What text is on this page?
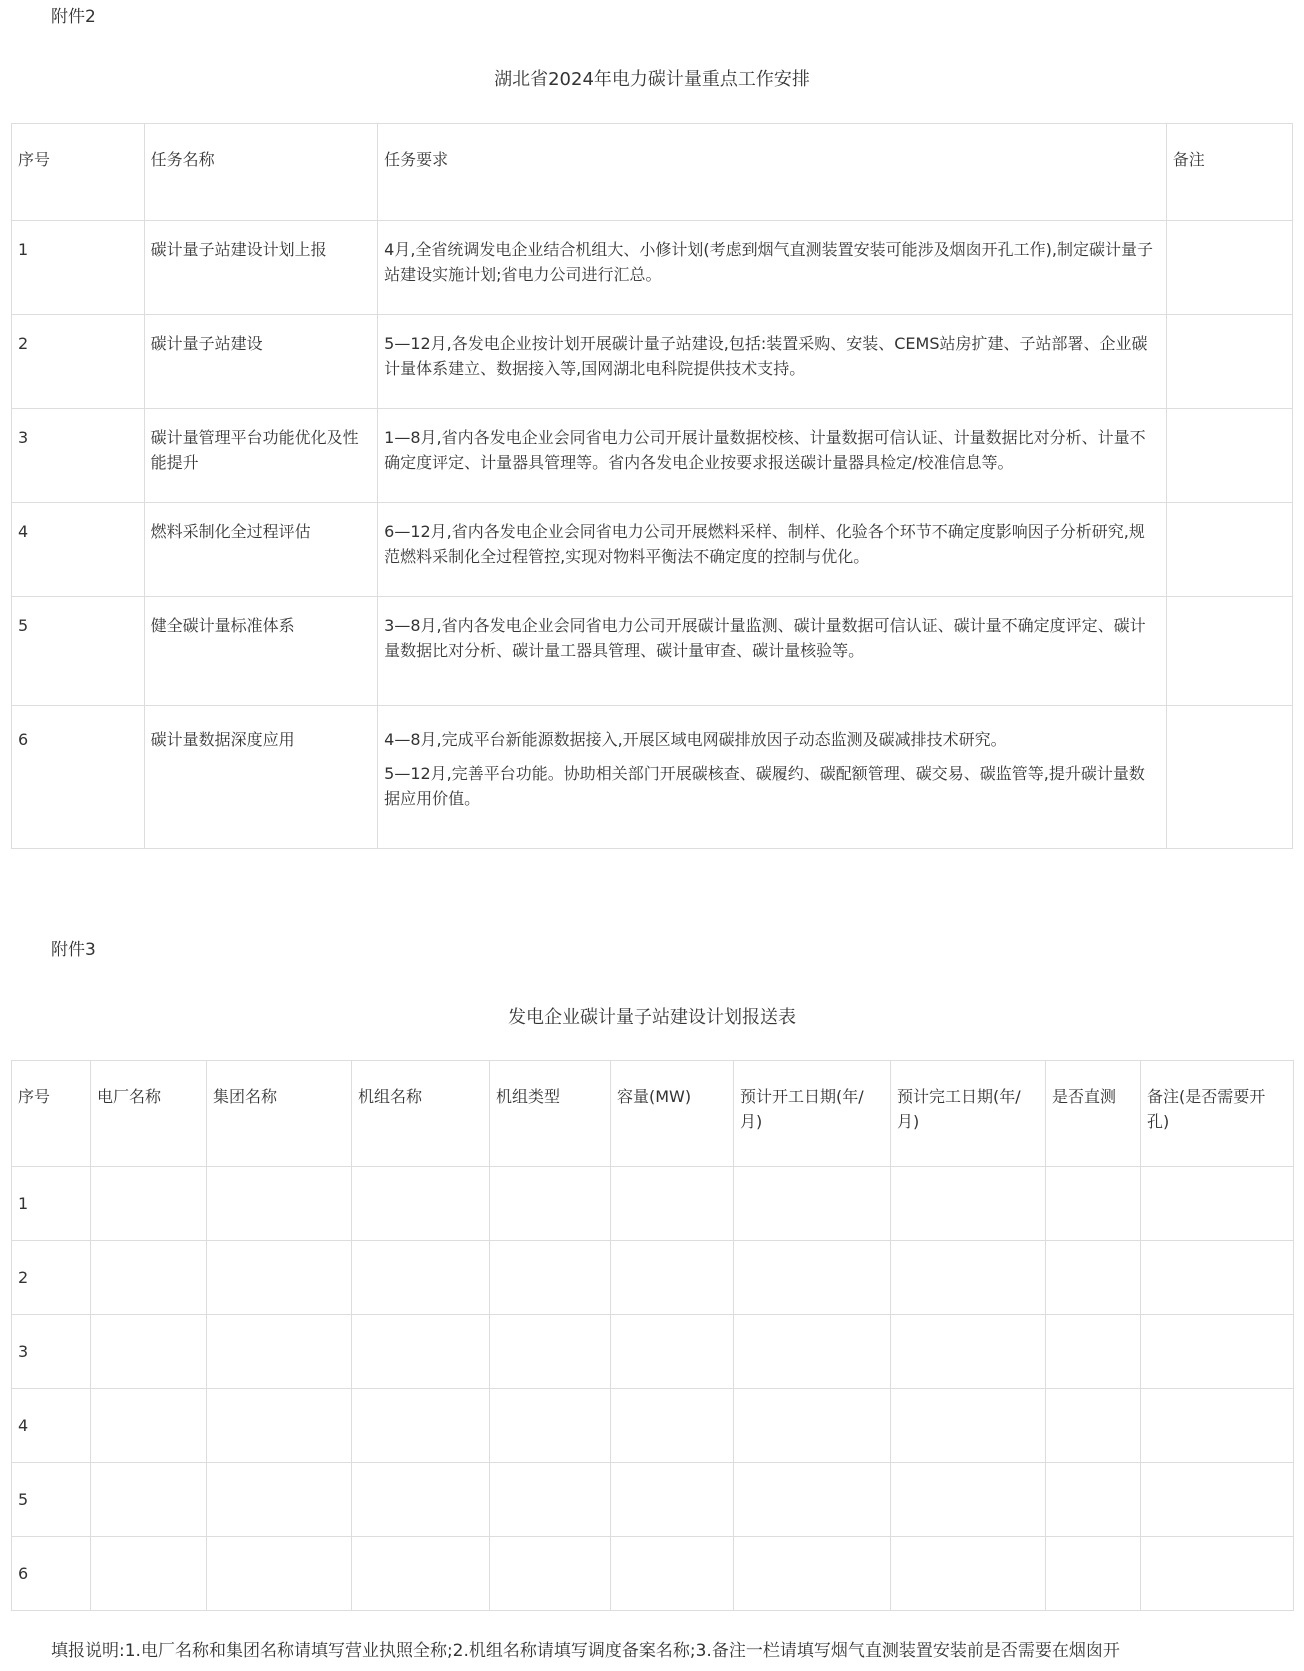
附件2
湖北省2024年电力碳计量重点工作安排
序号	任务名称	任务要求	备注
1	碳计量子站建设计划上报	4月,全省统调发电企业结合机组大、小修计划(考虑到烟气直测装置安装可能涉及烟囱开孔工作),制定碳计量子站建设实施计划;省电力公司进行汇总。	

2	碳计量子站建设	5—12月,各发电企业按计划开展碳计量子站建设,包括:装置采购、安装、CEMS站房扩建、子站部署、企业碳计量体系建立、数据接入等,国网湖北电科院提供技术支持。	

3	碳计量管理平台功能优化及性能提升	1—8月,省内各发电企业会同省电力公司开展计量数据校核、计量数据可信认证、计量数据比对分析、计量不确定度评定、计量器具管理等。省内各发电企业按要求报送碳计量器具检定/校准信息等。	

4	燃料采制化全过程评估	6—12月,省内各发电企业会同省电力公司开展燃料采样、制样、化验各个环节不确定度影响因子分析研究,规范燃料采制化全过程管控,实现对物料平衡法不确定度的控制与优化。	

5	健全碳计量标准体系	3—8月,省内各发电企业会同省电力公司开展碳计量监测、碳计量数据可信认证、碳计量不确定度评定、碳计量数据比对分析、碳计量工器具管理、碳计量审查、碳计量核验等。	

6	碳计量数据深度应用	4—8月,完成平台新能源数据接入,开展区域电网碳排放因子动态监测及碳减排技术研究。
5—12月,完善平台功能。协助相关部门开展碳核查、碳履约、碳配额管理、碳交易、碳监管等,提升碳计量数据应用价值。	

附件3
发电企业碳计量子站建设计划报送表
序号	电厂名称	集团名称	机组名称	机组类型	容量(MW)	预计开工日期(年/月)	预计完工日期(年/月)	是否直测	备注(是否需要开孔)
1									
2									
3									
4									
5									
6									
填报说明:1.电厂名称和集团名称请填写营业执照全称;2.机组名称请填写调度备案名称;3.备注一栏请填写烟气直测装置安装前是否需要在烟囱开
